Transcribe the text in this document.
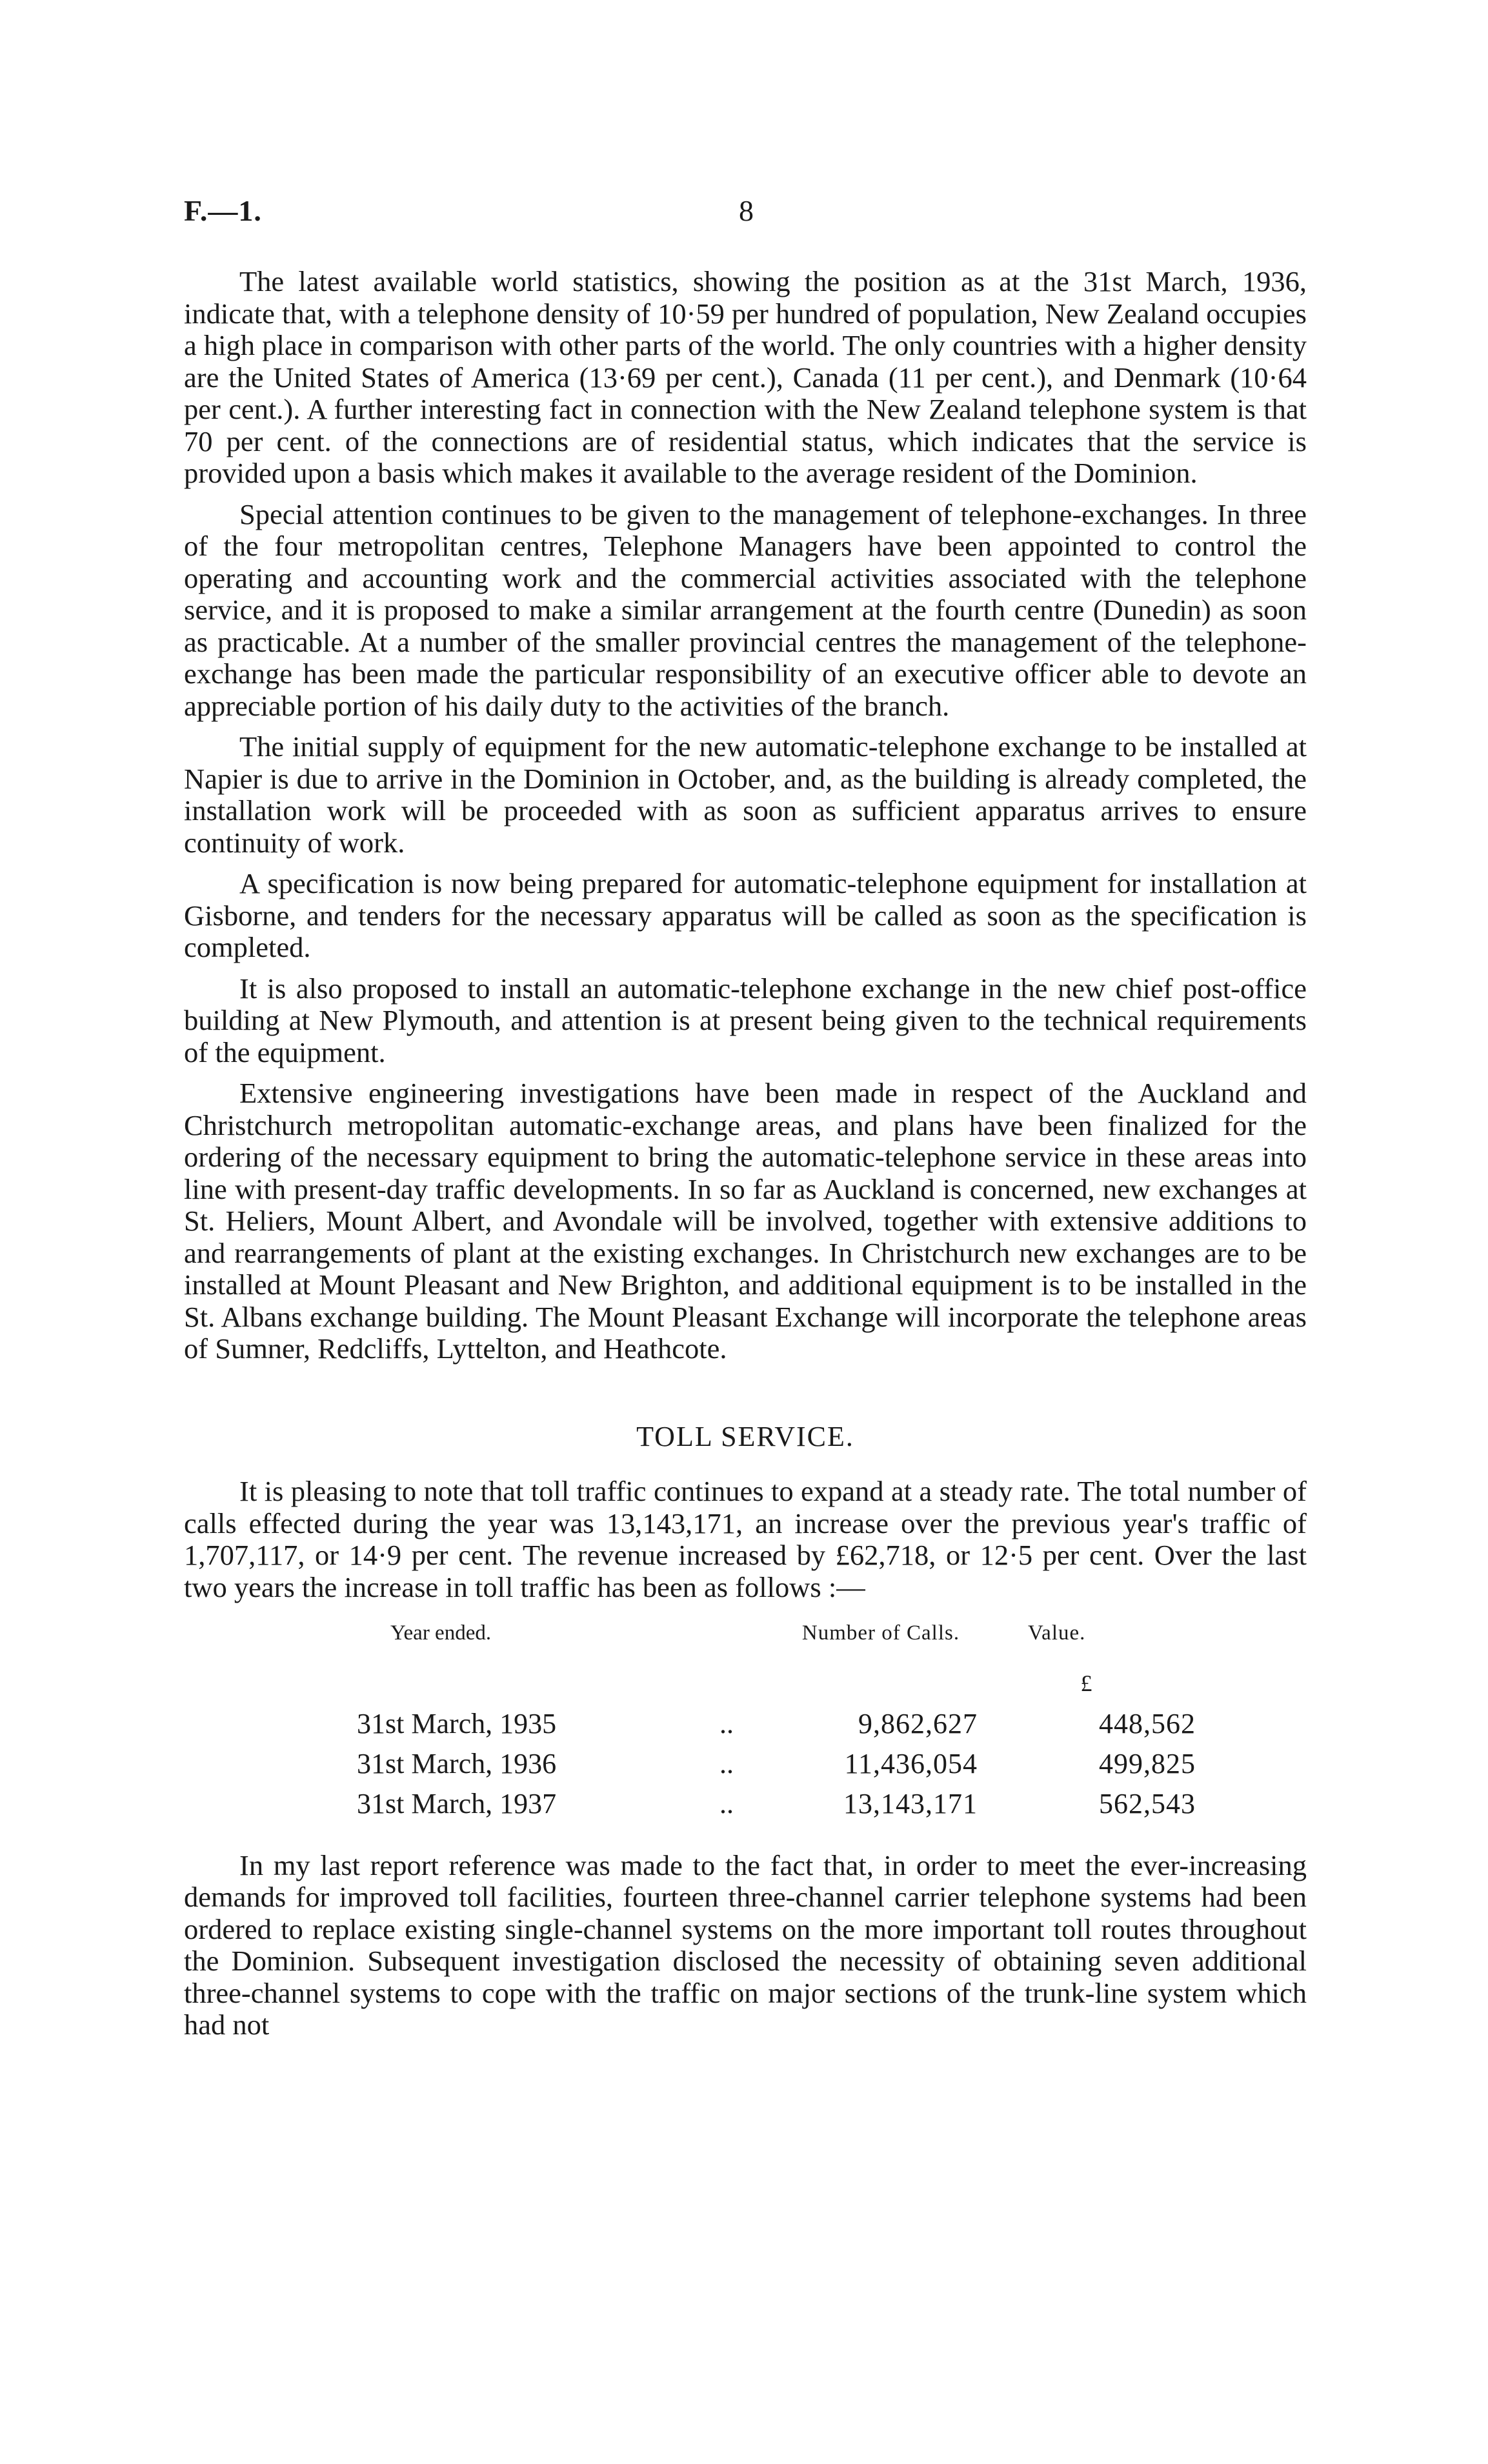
F.—1.	8

The latest available world statistics, showing the position as at the 31st March, 1936, indicate that, with a telephone density of 10·59 per hundred of population, New Zealand occupies a high place in comparison with other parts of the world. The only countries with a higher density are the United States of America (13·69 per cent.), Canada (11 per cent.), and Denmark (10·64 per cent.). A further interesting fact in connection with the New Zealand telephone system is that 70 per cent. of the connections are of residential status, which indicates that the service is provided upon a basis which makes it available to the average resident of the Dominion.

Special attention continues to be given to the management of telephone-exchanges. In three of the four metropolitan centres, Telephone Managers have been appointed to control the operating and accounting work and the commercial activities associated with the telephone service, and it is proposed to make a similar arrangement at the fourth centre (Dunedin) as soon as practicable. At a number of the smaller provincial centres the management of the telephone-exchange has been made the particular responsibility of an executive officer able to devote an appreciable portion of his daily duty to the activities of the branch.

The initial supply of equipment for the new automatic-telephone exchange to be installed at Napier is due to arrive in the Dominion in October, and, as the building is already completed, the installation work will be proceeded with as soon as sufficient apparatus arrives to ensure continuity of work.

A specification is now being prepared for automatic-telephone equipment for installation at Gisborne, and tenders for the necessary apparatus will be called as soon as the specification is completed.

It is also proposed to install an automatic-telephone exchange in the new chief post-office building at New Plymouth, and attention is at present being given to the technical requirements of the equipment.

Extensive engineering investigations have been made in respect of the Auckland and Christchurch metropolitan automatic-exchange areas, and plans have been finalized for the ordering of the necessary equipment to bring the automatic-telephone service in these areas into line with present-day traffic developments. In so far as Auckland is concerned, new exchanges at St. Heliers, Mount Albert, and Avondale will be involved, together with extensive additions to and rearrangements of plant at the existing exchanges. In Christchurch new exchanges are to be installed at Mount Pleasant and New Brighton, and additional equipment is to be installed in the St. Albans exchange building. The Mount Pleasant Exchange will incorporate the telephone areas of Sumner, Redcliffs, Lyttelton, and Heathcote.

TOLL SERVICE.

It is pleasing to note that toll traffic continues to expand at a steady rate. The total number of calls effected during the year was 13,143,171, an increase over the previous year's traffic of 1,707,117, or 14·9 per cent. The revenue increased by £62,718, or 12·5 per cent. Over the last two years the increase in toll traffic has been as follows :—

Year ended.		Number of Calls.	Value.
			£
31st March, 1935	..	9,862,627	448,562
31st March, 1936	..	11,436,054	499,825
31st March, 1937	..	13,143,171	562,543

In my last report reference was made to the fact that, in order to meet the ever-increasing demands for improved toll facilities, fourteen three-channel carrier telephone systems had been ordered to replace existing single-channel systems on the more important toll routes throughout the Dominion. Subsequent investigation disclosed the necessity of obtaining seven additional three-channel systems to cope with the traffic on major sections of the trunk-line system which had not
